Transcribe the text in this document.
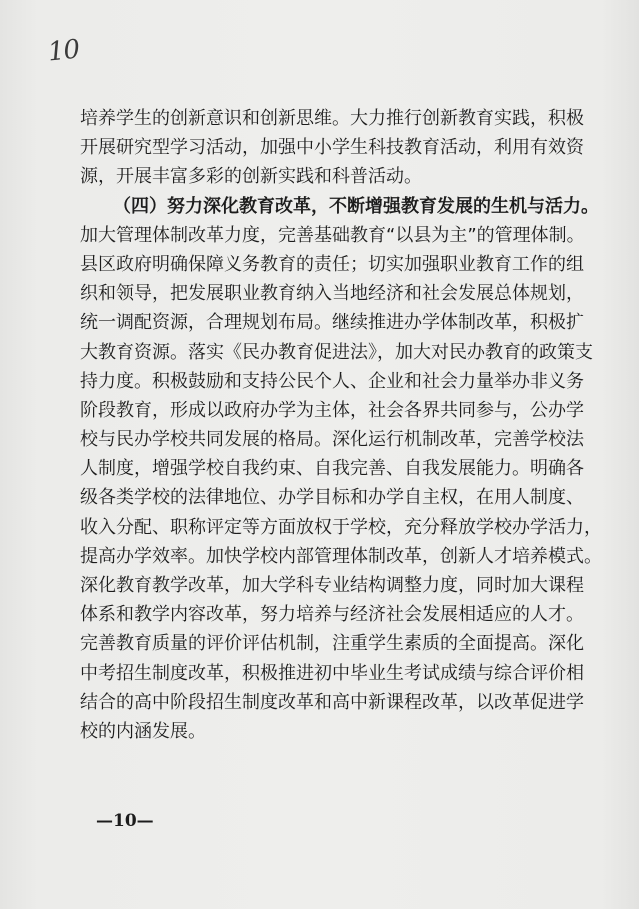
10
培养学生的创新意识和创新思维。大力推行创新教育实践，积极
开展研究型学习活动，加强中小学生科技教育活动，利用有效资
源，开展丰富多彩的创新实践和科普活动。
（四）努力深化教育改革，不断增强教育发展的生机与活力。
加大管理体制改革力度，完善基础教育“以县为主”的管理体制。
县区政府明确保障义务教育的责任；切实加强职业教育工作的组
织和领导，把发展职业教育纳入当地经济和社会发展总体规划，
统一调配资源，合理规划布局。继续推进办学体制改革，积极扩
大教育资源。落实《民办教育促进法》，加大对民办教育的政策支
持力度。积极鼓励和支持公民个人、企业和社会力量举办非义务
阶段教育，形成以政府办学为主体，社会各界共同参与，公办学
校与民办学校共同发展的格局。深化运行机制改革，完善学校法
人制度，增强学校自我约束、自我完善、自我发展能力。明确各
级各类学校的法律地位、办学目标和办学自主权，在用人制度、
收入分配、职称评定等方面放权于学校，充分释放学校办学活力，
提高办学效率。加快学校内部管理体制改革，创新人才培养模式。
深化教育教学改革，加大学科专业结构调整力度，同时加大课程
体系和教学内容改革，努力培养与经济社会发展相适应的人才。
完善教育质量的评价评估机制，注重学生素质的全面提高。深化
中考招生制度改革，积极推进初中毕业生考试成绩与综合评价相
结合的高中阶段招生制度改革和高中新课程改革，以改革促进学
校的内涵发展。
—10—
